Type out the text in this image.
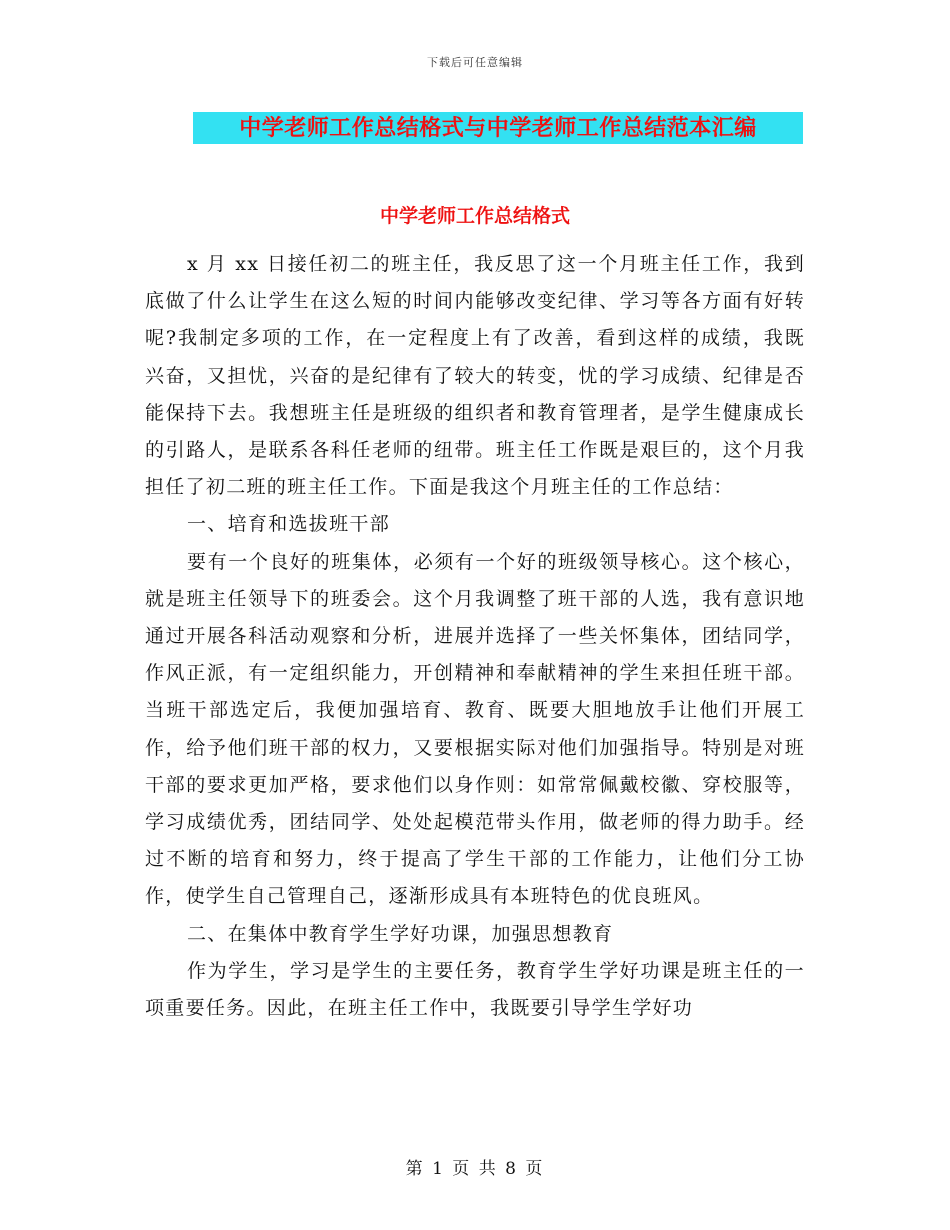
下载后可任意编辑
中学老师工作总结格式与中学老师工作总结范本汇编
中学老师工作总结格式

x 月 xx 日接任初二的班主任，我反思了这一个月班主任工作，我到底做了什么让学生在这么短的时间内能够改变纪律、学习等各方面有好转呢?我制定多项的工作，在一定程度上有了改善，看到这样的成绩，我既兴奋，又担忧，兴奋的是纪律有了较大的转变，忧的学习成绩、纪律是否能保持下去。我想班主任是班级的组织者和教育管理者，是学生健康成长的引路人，是联系各科任老师的纽带。班主任工作既是艰巨的，这个月我担任了初二班的班主任工作。下面是我这个月班主任的工作总结：

一、培育和选拔班干部

要有一个良好的班集体，必须有一个好的班级领导核心。这个核心，就是班主任领导下的班委会。这个月我调整了班干部的人选，我有意识地通过开展各科活动观察和分析，进展并选择了一些关怀集体，团结同学，作风正派，有一定组织能力，开创精神和奉献精神的学生来担任班干部。当班干部选定后，我便加强培育、教育、既要大胆地放手让他们开展工作，给予他们班干部的权力，又要根据实际对他们加强指导。特别是对班干部的要求更加严格，要求他们以身作则：如常常佩戴校徽、穿校服等，学习成绩优秀，团结同学、处处起模范带头作用，做老师的得力助手。经过不断的培育和努力，终于提高了学生干部的工作能力，让他们分工协作，使学生自己管理自己，逐渐形成具有本班特色的优良班风。

二、在集体中教育学生学好功课，加强思想教育

作为学生，学习是学生的主要任务，教育学生学好功课是班主任的一项重要任务。因此，在班主任工作中，我既要引导学生学好功

第 1 页 共 8 页
